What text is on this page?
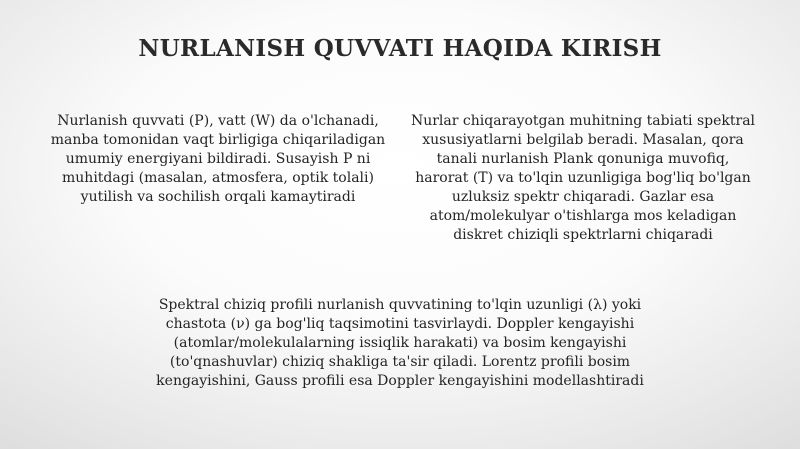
NURLANISH QUVVATI HAQIDA KIRISH
Nurlanish quvvati (P), vatt (W) da o'lchanadi, manba tomonidan vaqt birligiga chiqariladigan umumiy energiyani bildiradi. Susayish P ni muhitdagi (masalan, atmosfera, optik tolali) yutilish va sochilish orqali kamaytiradi
Nurlar chiqarayotgan muhitning tabiati spektral xususiyatlarni belgilab beradi. Masalan, qora tanali nurlanish Plank qonuniga muvofiq, harorat (T) va to'lqin uzunligiga bog'liq bo'lgan uzluksiz spektr chiqaradi. Gazlar esa atom/molekulyar o'tishlarga mos keladigan diskret chiziqli spektrlarni chiqaradi
Spektral chiziq profili nurlanish quvvatining to'lqin uzunligi (λ) yoki chastota (ν) ga bog'liq taqsimotini tasvirlaydi. Doppler kengayishi (atomlar/molekulalarning issiqlik harakati) va bosim kengayishi (to'qnashuvlar) chiziq shakliga ta'sir qiladi. Lorentz profili bosim kengayishini, Gauss profili esa Doppler kengayishini modellashtiradi
